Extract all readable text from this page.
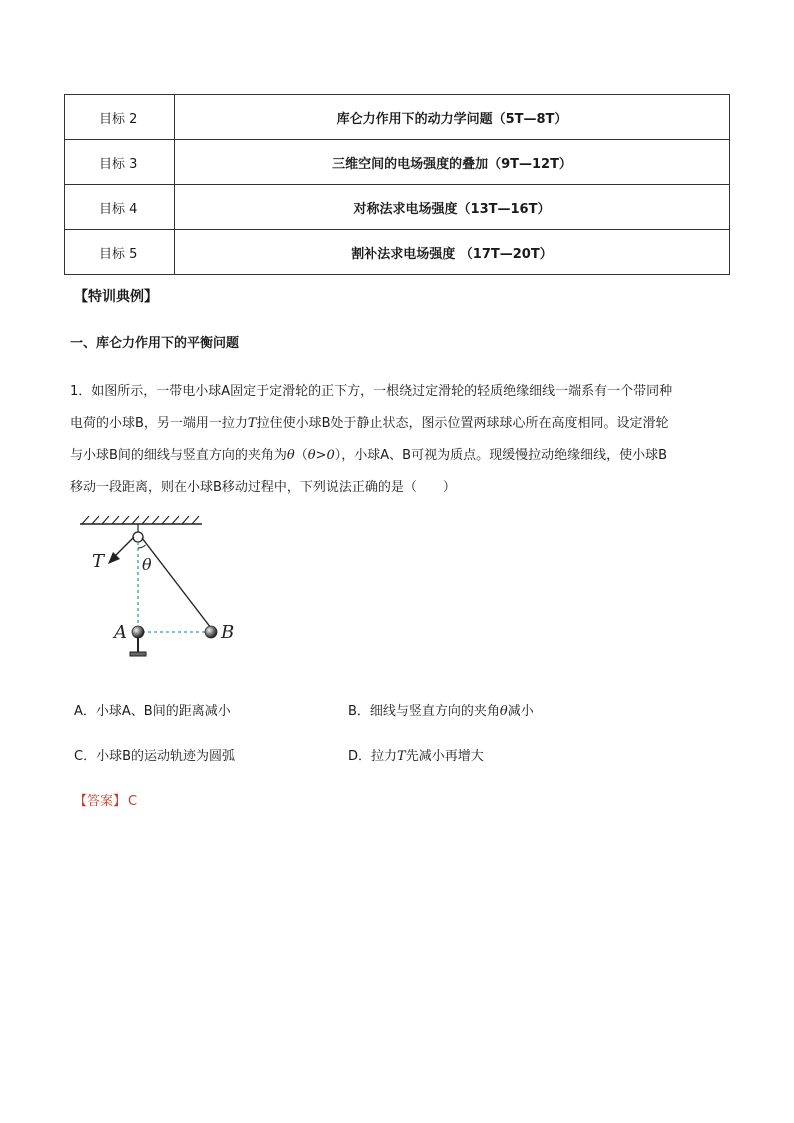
目标 2	库仑力作用下的动力学问题（5T—8T）
目标 3	三维空间的电场强度的叠加（9T—12T）
目标 4	对称法求电场强度（13T—16T）
目标 5	割补法求电场强度 （17T—20T）
【特训典例】
一、库仑力作用下的平衡问题

1．如图所示，一带电小球A固定于定滑轮的正下方，一根绕过定滑轮的轻质绝缘细线一端系有一个带同种

电荷的小球B，另一端用一拉力T拉住使小球B处于静止状态，图示位置两球球心所在高度相同。设定滑轮

与小球B间的细线与竖直方向的夹角为θ（θ>0），小球A、B可视为质点。现缓慢拉动绝缘细线，使小球B

移动一段距离，则在小球B移动过程中，下列说法正确的是（　　）

T θ
A	B
A．小球A、B间的距离减小	B．细线与竖直方向的夹角θ减小
C．小球B的运动轨迹为圆弧	D．拉力T先减小再增大
【答案】 C
